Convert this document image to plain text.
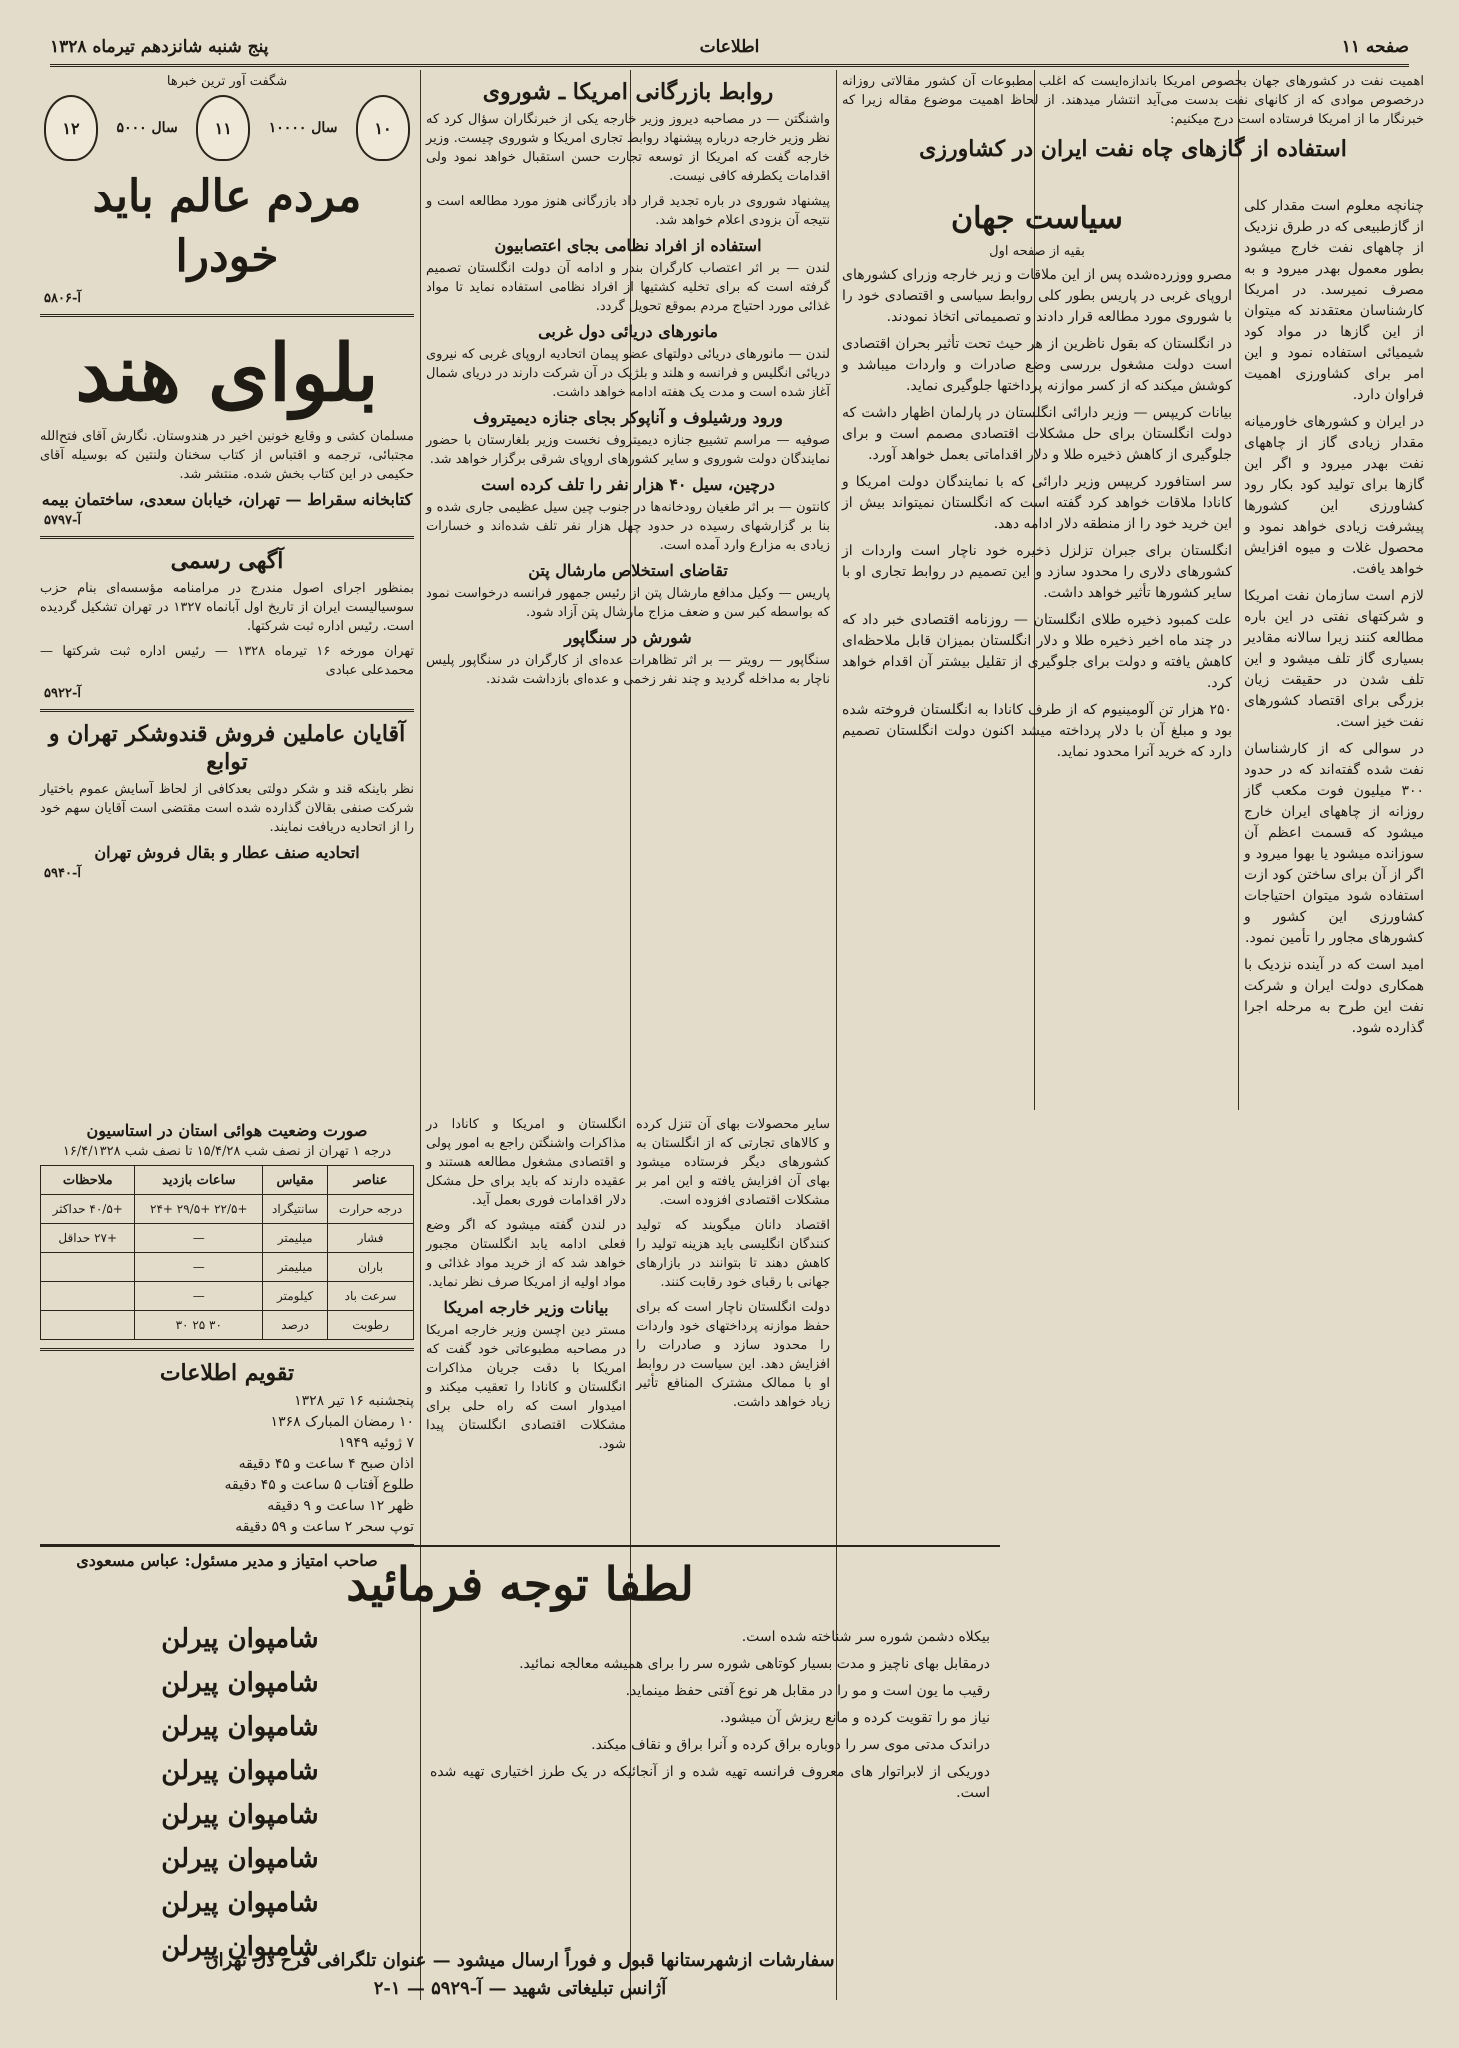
صفحه ۱۱
اطلاعات
پنج شنبه شانزدهم تیرماه ۱۳۲۸

اهمیت نفت در کشورهای جهان بخصوص امریکا باندازه‌ایست که اغلب مطبوعات آن کشور مقالاتی روزانه درخصوص موادی که از کانهای نفت بدست می‌آید انتشار میدهند. از لحاظ اهمیت موضوع مقاله زیرا که خبرنگار ما از امریکا فرستاده است درج میکنیم:

استفاده از گازهای چاه نفت ایران در کشاورزی

چنانچه معلوم است مقدار کلی از گازطبیعی که در طرق نزدیک از چاههای نفت خارج میشود بطور معمول بهدر میرود و به مصرف نمیرسد. در امریکا کارشناسان معتقدند که میتوان از این گازها در مواد کود شیمیائی استفاده نمود و این امر برای کشاورزی اهمیت فراوان دارد.

در ایران و کشورهای خاورمیانه مقدار زیادی گاز از چاههای نفت بهدر میرود و اگر این گازها برای تولید کود بکار رود کشاورزی این کشورها پیشرفت زیادی خواهد نمود و محصول غلات و میوه افزایش خواهد یافت.

لازم است سازمان نفت امریکا و شرکتهای نفتی در این باره مطالعه کنند زیرا سالانه مقادیر بسیاری گاز تلف میشود و این تلف شدن در حقیقت زیان بزرگی برای اقتصاد کشورهای نفت خیز است.

در سوالی که از کارشناسان نفت شده گفته‌اند که در حدود ۳۰۰ میلیون فوت مکعب گاز روزانه از چاههای ایران خارج میشود که قسمت اعظم آن سوزانده میشود یا بهوا میرود و اگر از آن برای ساختن کود ازت استفاده شود میتوان احتیاجات کشاورزی این کشور و کشورهای مجاور را تأمین نمود.

امید است که در آینده نزدیک با همکاری دولت ایران و شرکت نفت این طرح به مرحله اجرا گذارده شود.

سیاست جهان
بقیه از صفحه اول

مصرو ووزرده‌شده پس از این ملاقات و زیر خارجه وزرای کشورهای اروپای غربی در پاریس بطور کلی روابط سیاسی و اقتصادی خود را با شوروی مورد مطالعه قرار دادند و تصمیماتی اتخاذ نمودند.

در انگلستان که بقول ناظرین از هر حیث تحت تأثیر بحران اقتصادی است دولت مشغول بررسی وضع صادرات و واردات میباشد و کوشش میکند که از کسر موازنه پرداختها جلوگیری نماید.

بیانات کریپس — وزیر دارائی انگلستان در پارلمان اظهار داشت که دولت انگلستان برای حل مشکلات اقتصادی مصمم است و برای جلوگیری از کاهش ذخیره طلا و دلار اقداماتی بعمل خواهد آورد.

سر استافورد کریپس وزیر دارائی که با نمایندگان دولت امریکا و کانادا ملاقات خواهد کرد گفته است که انگلستان نمیتواند بیش از این خرید خود را از منطقه دلار ادامه دهد.

انگلستان برای جبران تزلزل ذخیره خود ناچار است واردات از کشورهای دلاری را محدود سازد و این تصمیم در روابط تجاری او با سایر کشورها تأثیر خواهد داشت.

علت کمبود ذخیره طلای انگلستان — روزنامه اقتصادی خبر داد که در چند ماه اخیر ذخیره طلا و دلار انگلستان بمیزان قابل ملاحظه‌ای کاهش یافته و دولت برای جلوگیری از تقلیل بیشتر آن اقدام خواهد کرد.

۲۵۰ هزار تن آلومینیوم که از طرف کانادا به انگلستان فروخته شده بود و مبلغ آن با دلار پرداخته میشد اکنون دولت انگلستان تصمیم دارد که خرید آنرا محدود نماید.

روابط بازرگانی امریکا ـ شوروی

واشنگتن — در مصاحبه دیروز وزیر خارجه یکی از خبرنگاران سؤال کرد که نظر وزیر خارجه درباره پیشنهاد روابط تجاری امریکا و شوروی چیست. وزیر خارجه گفت که امریکا از توسعه تجارت حسن استقبال خواهد نمود ولی اقدامات یکطرفه کافی نیست.

پیشنهاد شوروی در باره تجدید قرار داد بازرگانی هنوز مورد مطالعه است و نتیجه آن بزودی اعلام خواهد شد.

استفاده از افراد نظامی بجای اعتصابیون

لندن — بر اثر اعتصاب کارگران بندر و ادامه آن دولت انگلستان تصمیم گرفته است که برای تخلیه کشتیها از افراد نظامی استفاده نماید تا مواد غذائی مورد احتیاج مردم بموقع تحویل گردد.

مانورهای دریائی دول غربی

لندن — مانورهای دریائی دولتهای عضو پیمان اتحادیه اروپای غربی که نیروی دریائی انگلیس و فرانسه و هلند و بلژیک در آن شرکت دارند در دریای شمال آغاز شده است و مدت یک هفته ادامه خواهد داشت.

ورود ورشیلوف و آناپوکر بجای جنازه دیمیتروف

صوفیه — مراسم تشییع جنازه دیمیتروف نخست وزیر بلغارستان با حضور نمایندگان دولت شوروی و سایر کشورهای اروپای شرقی برگزار خواهد شد.

درچین، سیل ۴۰ هزار نفر را تلف کرده است

کانتون — بر اثر طغیان رودخانه‌ها در جنوب چین سیل عظیمی جاری شده و بنا بر گزارشهای رسیده در حدود چهل هزار نفر تلف شده‌اند و خسارات زیادی به مزارع وارد آمده است.

تقاضای استخلاص مارشال پتن

پاریس — وکیل مدافع مارشال پتن از رئیس جمهور فرانسه درخواست نمود که بواسطه کبر سن و ضعف مزاج مارشال پتن آزاد شود.

شورش در سنگاپور

سنگاپور — رویتر — بر اثر تظاهرات عده‌ای از کارگران در سنگاپور پلیس ناچار به مداخله گردید و چند نفر زخمی و عده‌ای بازداشت شدند.

سایر محصولات بهای آن تنزل کرده و کالاهای تجارتی که از انگلستان به کشورهای دیگر فرستاده میشود بهای آن افزایش یافته و این امر بر مشکلات اقتصادی افزوده است.

اقتصاد دانان میگویند که تولید کنندگان انگلیسی باید هزینه تولید را کاهش دهند تا بتوانند در بازارهای جهانی با رقبای خود رقابت کنند.

دولت انگلستان ناچار است که برای حفظ موازنه پرداختهای خود واردات را محدود سازد و صادرات را افزایش دهد. این سیاست در روابط او با ممالک مشترک المنافع تأثیر زیاد خواهد داشت.

انگلستان و امریکا و کانادا در مذاکرات واشنگتن راجع به امور پولی و اقتصادی مشغول مطالعه هستند و عقیده دارند که باید برای حل مشکل دلار اقدامات فوری بعمل آید.

در لندن گفته میشود که اگر وضع فعلی ادامه یابد انگلستان مجبور خواهد شد که از خرید مواد غذائی و مواد اولیه از امریکا صرف نظر نماید.

بیانات وزیر خارجه امریکا

مستر دین اچسن وزیر خارجه امریکا در مصاحبه مطبوعاتی خود گفت که امریکا با دقت جریان مذاکرات انگلستان و کانادا را تعقیب میکند و امیدوار است که راه حلی برای مشکلات اقتصادی انگلستان پیدا شود.

شگفت آور ترین خبرها
۱۲	۵۰۰۰ سال	۱۱	۱۰۰۰۰ سال	۱۰
مردم عالم باید خودرا
آ-۵۸۰۶
بلوای هند

مسلمان کشی و وقایع خونین اخیر در هندوستان. نگارش آقای فتح‌الله مجتبائی، ترجمه و اقتباس از کتاب سخنان ولنتین که بوسیله آقای حکیمی در این کتاب بخش شده. منتشر شد.

کتابخانه سقراط — تهران، خیابان سعدی، ساختمان بیمه
آ-۵۷۹۷
آگهی رسمی

بمنظور اجرای اصول مندرج در مرامنامه مؤسسه‌ای بنام حزب سوسیالیست ایران از تاریخ اول آبانماه ۱۳۲۷ در تهران تشکیل گردیده است. رئیس اداره ثبت شرکتها.

تهران مورخه ۱۶ تیرماه ۱۳۲۸ — رئیس اداره ثبت شرکتها — محمدعلی عبادی

آ-۵۹۲۲
آقایان عاملین فروش قندوشکر تهران و توابع

نظر باینکه قند و شکر دولتی بعدکافی از لحاظ آسایش عموم باختیار شرکت صنفی بقالان گذارده شده است مقتضی است آقایان سهم خود را از اتحادیه دریافت نمایند.

اتحادیه صنف عطار و بقال فروش تهران
آ-۵۹۴۰
صورت وضعیت هوائی استان در استاسیون
درجه ۱ تهران از نصف شب ۱۵/۴/۲۸ تا نصف شب ۱۶/۴/۱۳۲۸
عناصر	مقیاس	ساعات بازدید	ملاحظات
درجه حرارت	سانتیگراد	+۲۲/۵ +۲۹/۵ +۲۴	+۴۰/۵ حداکثر
فشار	میلیمتر	—	+۲۷ حداقل
باران	میلیمتر	—	
سرعت باد	کیلومتر	—	
رطوبت	درصد	۳۰ ۲۵ ۳۰	
تقویم اطلاعات
پنجشنبه ۱۶ تیر ۱۳۲۸
۱۰ رمضان المبارک ۱۳۶۸
۷ ژوئیه ۱۹۴۹
اذان صبح ۴ ساعت و ۴۵ دقیقه
طلوع آفتاب ۵ ساعت و ۴۵ دقیقه
ظهر ۱۲ ساعت و ۹ دقیقه
توپ سحر ۲ ساعت و ۵۹ دقیقه
صاحب امتیاز و مدیر مسئول: عباس مسعودی
لطفا توجه فرمائید

بیکلاه دشمن شوره سر شناخته شده است.

درمقابل بهای ناچیز و مدت بسیار کوتاهی شوره سر را برای همیشه معالجه نمائید.

رقیب ما یون است و مو را در مقابل هر نوع آفتی حفظ مینماید.

نیاز مو را تقویت کرده و مانع ریزش آن میشود.

دراندک مدتی موی سر را دوباره براق کرده و آنرا براق و نقاف میکند.

دوریکی از لابراتوار های معروف فرانسه تهیه شده و از آنجائیکه در یک طرز اختیاری تهیه شده است.

شامپوان پیرلن
شامپوان پیرلن
شامپوان پیرلن
شامپوان پیرلن
شامپوان پیرلن
شامپوان پیرلن
شامپوان پیرلن
شامپوان پیرلن
سفارشات ازشهرستانها قبول و فوراً ارسال میشود — عنوان تلگرافی فرح دل تهران
آژانس تبلیغاتی شهید — آ-۵۹۲۹ — ۱-۲
